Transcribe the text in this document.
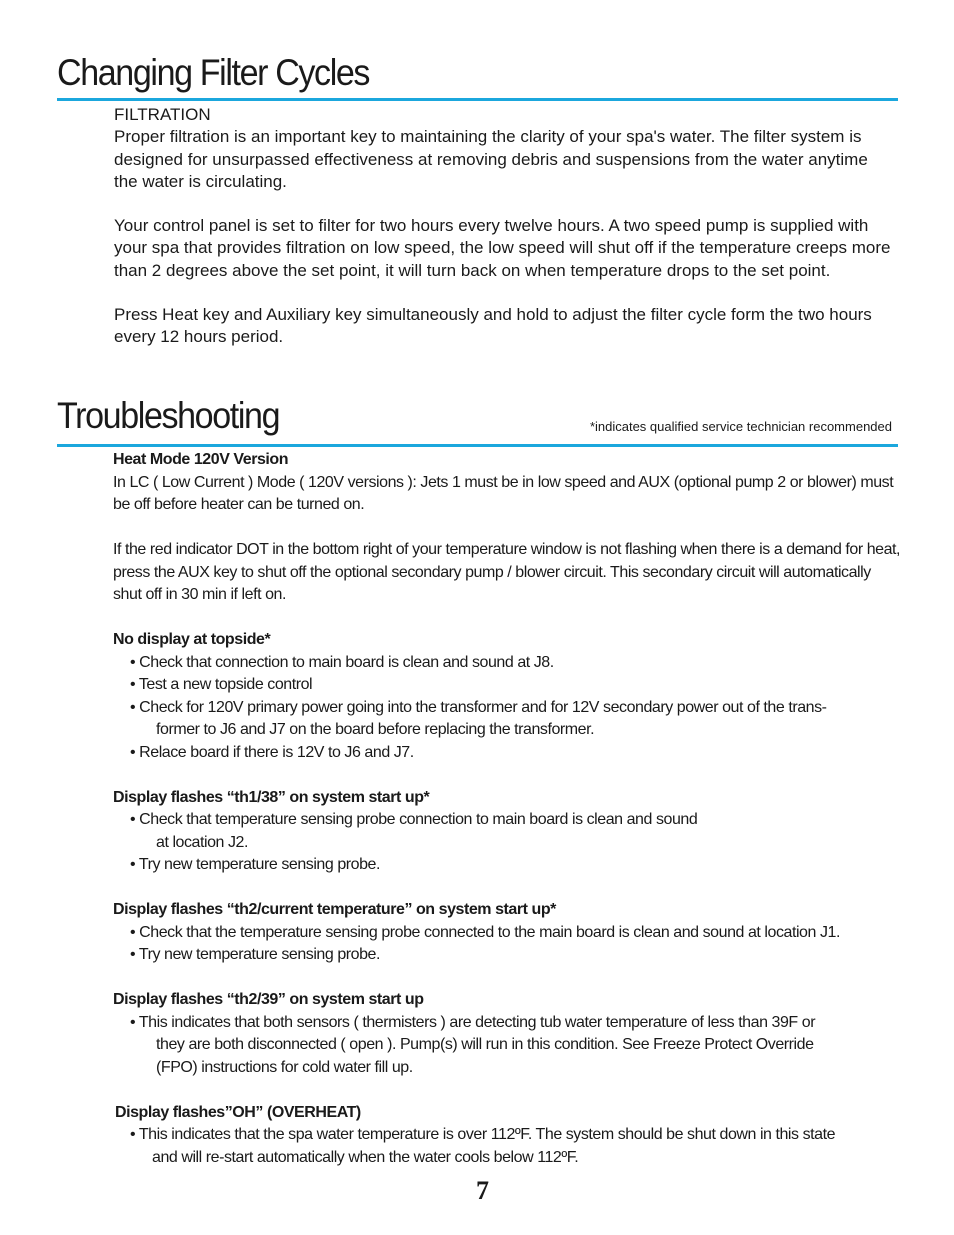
Changing Filter Cycles

FILTRATION

Proper filtration is an important key to maintaining the clarity of your spa's water. The filter system is designed for unsurpassed effectiveness at removing debris and suspensions from the water anytime the water is circulating.

Your control panel is set to filter for two hours every twelve hours. A two speed pump is supplied with your spa that provides filtration on low speed, the low speed will shut off if the temperature creeps more than 2 degrees above the set point, it will turn back on when temperature drops to the set point.

Press Heat key and Auxiliary key simultaneously and hold to adjust the filter cycle form the two hours every 12 hours period.

Troubleshooting	*indicates qualified service technician recommended

Heat Mode 120V Version

In LC ( Low Current ) Mode ( 120V versions ): Jets 1 must be in low speed and AUX (optional pump 2 or blower) must be off before heater can be turned on.

If the red indicator DOT in the bottom right of your temperature window is not flashing when there is a demand for heat, press the AUX key to shut off the optional secondary pump / blower circuit. This secondary circuit will automatically shut off in 30 min if left on.

No display at topside*

• Check that connection to main board is clean and sound at J8.

• Test a new topside control

• Check for 120V primary power going into the transformer and for 12V secondary power out of the trans-
former to J6 and J7 on the board before replacing the transformer.

• Relace board if there is 12V to J6 and J7.

Display flashes “th1/38” on system start up*

• Check that temperature sensing probe connection to main board is clean and sound
at location J2.

• Try new temperature sensing probe.

Display flashes “th2/current temperature” on system start up*

• Check that the temperature sensing probe connected to the main board is clean and sound at location J1.

• Try new temperature sensing probe.

Display flashes “th2/39” on system start up

• This indicates that both sensors ( thermisters ) are detecting tub water temperature of less than 39F or
they are both disconnected ( open ). Pump(s) will run in this condition. See Freeze Protect Override
(FPO) instructions for cold water fill up.

Display flashes”OH” (OVERHEAT)

• This indicates that the spa water temperature is over 112ºF. The system should be shut down in this state
and will re-start automatically when the water cools below 112ºF.

7
